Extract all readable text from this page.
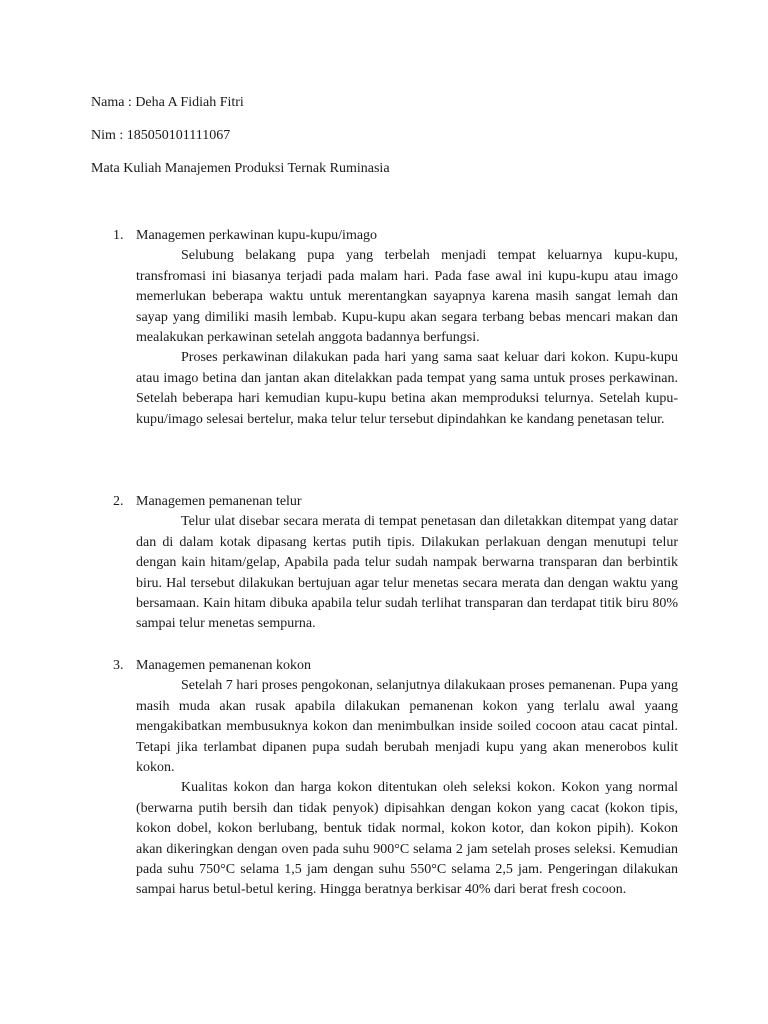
Nama : Deha A Fidiah Fitri
Nim : 185050101111067
Mata Kuliah Manajemen Produksi Ternak Ruminasia
1. Managemen perkawinan kupu-kupu/imago

Selubung belakang pupa yang terbelah menjadi tempat keluarnya kupu-kupu, transfromasi ini biasanya terjadi pada malam hari. Pada fase awal ini kupu-kupu atau imago memerlukan beberapa waktu untuk merentangkan sayapnya karena masih sangat lemah dan sayap yang dimiliki masih lembab. Kupu-kupu akan segara terbang bebas mencari makan dan mealakukan perkawinan setelah anggota badannya berfungsi.

Proses perkawinan dilakukan pada hari yang sama saat keluar dari kokon. Kupu-kupu atau imago betina dan jantan akan ditelakkan pada tempat yang sama untuk proses perkawinan. Setelah beberapa hari kemudian kupu-kupu betina akan memproduksi telurnya. Setelah kupu-kupu/imago selesai bertelur, maka telur telur tersebut dipindahkan ke kandang penetasan telur.

2. Managemen pemanenan telur

Telur ulat disebar secara merata di tempat penetasan dan diletakkan ditempat yang datar dan di dalam kotak dipasang kertas putih tipis. Dilakukan perlakuan dengan menutupi telur dengan kain hitam/gelap, Apabila pada telur sudah nampak berwarna transparan dan berbintik biru. Hal tersebut dilakukan bertujuan agar telur menetas secara merata dan dengan waktu yang bersamaan. Kain hitam dibuka apabila telur sudah terlihat transparan dan terdapat titik biru 80% sampai telur menetas sempurna.

3. Managemen pemanenan kokon

Setelah 7 hari proses pengokonan, selanjutnya dilakukaan proses pemanenan. Pupa yang masih muda akan rusak apabila dilakukan pemanenan kokon yang terlalu awal yaang mengakibatkan membusuknya kokon dan menimbulkan inside soiled cocoon atau cacat pintal. Tetapi jika terlambat dipanen pupa sudah berubah menjadi kupu yang akan menerobos kulit kokon.

Kualitas kokon dan harga kokon ditentukan oleh seleksi kokon. Kokon yang normal (berwarna putih bersih dan tidak penyok) dipisahkan dengan kokon yang cacat (kokon tipis, kokon dobel, kokon berlubang, bentuk tidak normal, kokon kotor, dan kokon pipih). Kokon akan dikeringkan dengan oven pada suhu 900°C selama 2 jam setelah proses seleksi. Kemudian pada suhu 750°C selama 1,5 jam dengan suhu 550°C selama 2,5 jam. Pengeringan dilakukan sampai harus betul-betul kering. Hingga beratnya berkisar 40% dari berat fresh cocoon.
